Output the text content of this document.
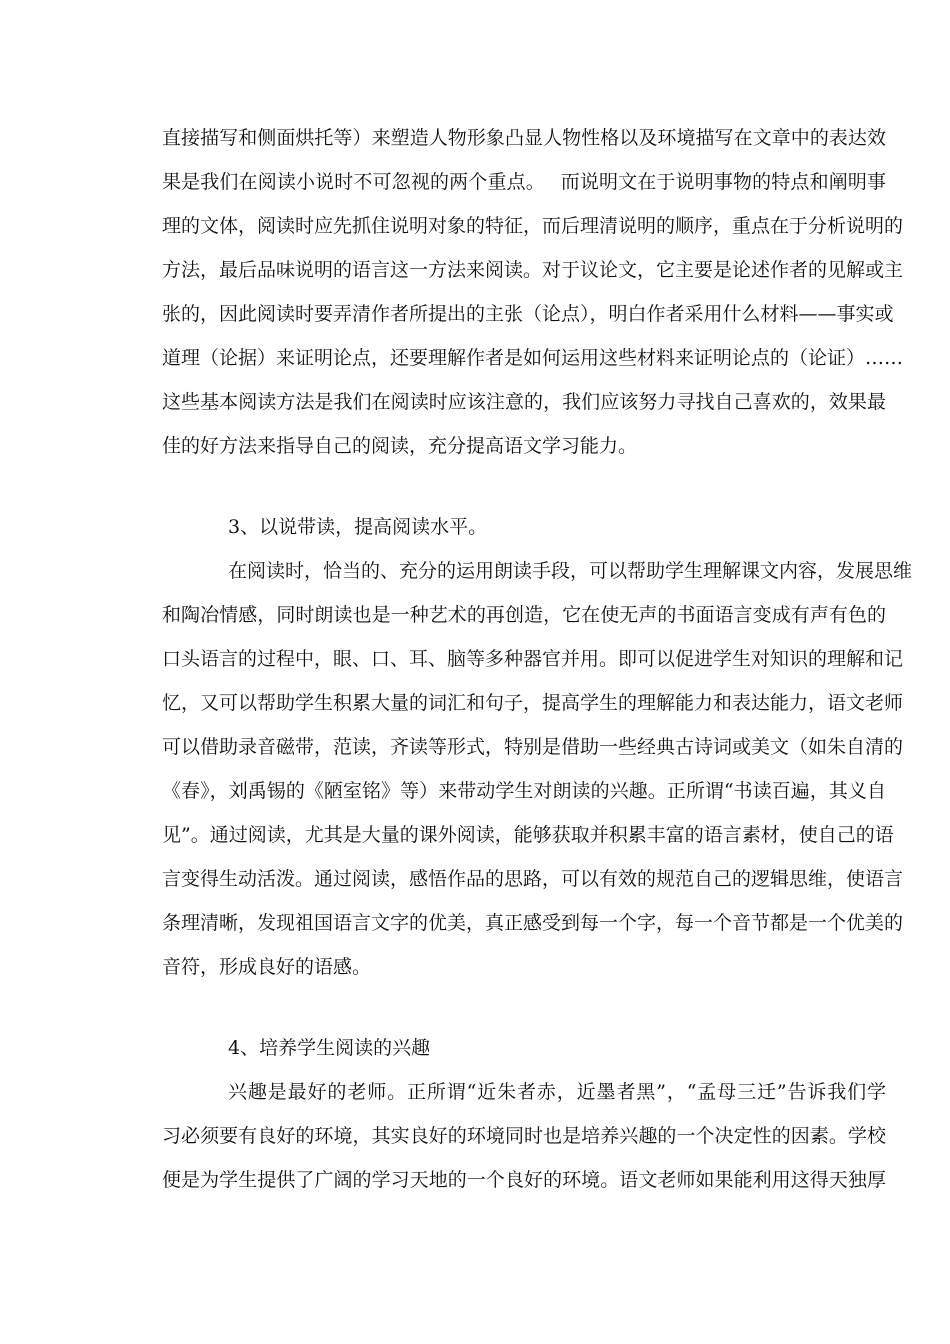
直接描写和侧面烘托等）来塑造人物形象凸显人物性格以及环境描写在文章中的表达效
果是我们在阅读小说时不可忽视的两个重点。　 而说明文在于说明事物的特点和阐明事
理的文体，阅读时应先抓住说明对象的特征，而后理清说明的顺序，重点在于分析说明的
方法，最后品味说明的语言这一方法来阅读。对于议论文，它主要是论述作者的见解或主
张的，因此阅读时要弄清作者所提出的主张（论点），明白作者采用什么材料——事实或
道理（论据）来证明论点，还要理解作者是如何运用这些材料来证明论点的（论证）……
这些基本阅读方法是我们在阅读时应该注意的，我们应该努力寻找自己喜欢的，效果最
佳的好方法来指导自己的阅读，充分提高语文学习能力。
3、以说带读，提高阅读水平。
在阅读时，恰当的、充分的运用朗读手段，可以帮助学生理解课文内容，发展思维
和陶冶情感，同时朗读也是一种艺术的再创造，它在使无声的书面语言变成有声有色的
口头语言的过程中，眼、口、耳、脑等多种器官并用。即可以促进学生对知识的理解和记
忆，又可以帮助学生积累大量的词汇和句子，提高学生的理解能力和表达能力，语文老师
可以借助录音磁带，范读，齐读等形式，特别是借助一些经典古诗词或美文（如朱自清的
《春》，刘禹锡的《陋室铭》等）来带动学生对朗读的兴趣。正所谓“书读百遍，其义自
见”。通过阅读，尤其是大量的课外阅读，能够获取并积累丰富的语言素材，使自己的语
言变得生动活泼。通过阅读，感悟作品的思路，可以有效的规范自己的逻辑思维，使语言
条理清晰，发现祖国语言文字的优美，真正感受到每一个字，每一个音节都是一个优美的
音符，形成良好的语感。
4、培养学生阅读的兴趣
兴趣是最好的老师。正所谓“近朱者赤，近墨者黑”，“孟母三迁”告诉我们学
习必须要有良好的环境，其实良好的环境同时也是培养兴趣的一个决定性的因素。学校
便是为学生提供了广阔的学习天地的一个良好的环境。语文老师如果能利用这得天独厚
